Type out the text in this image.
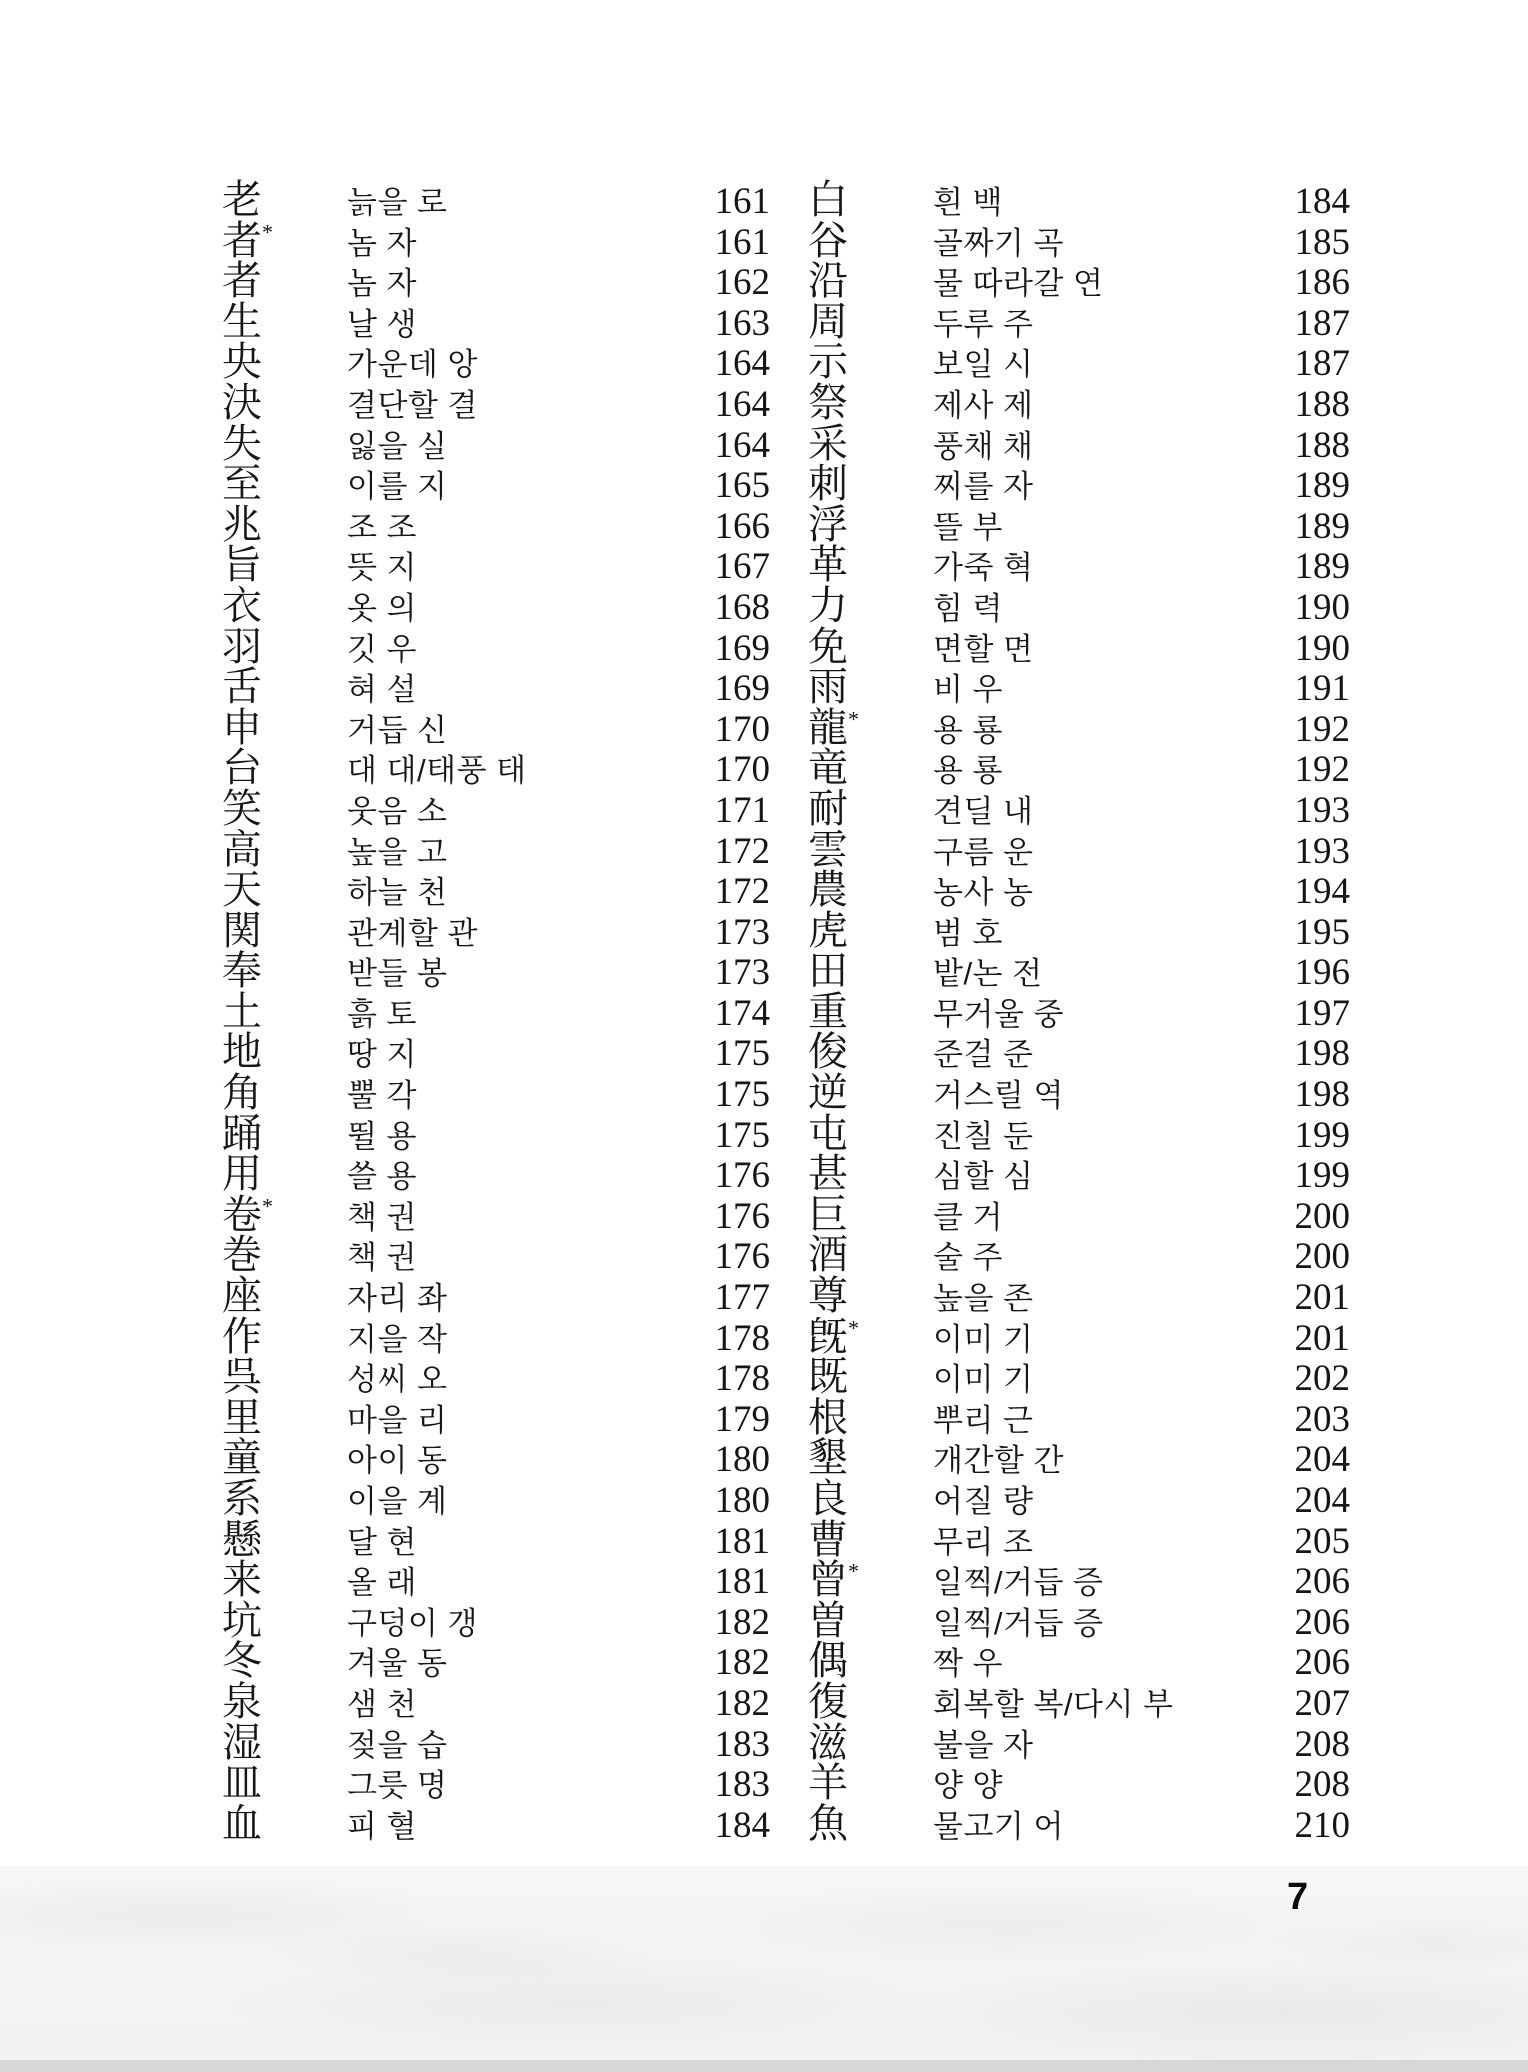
老	늙을 로	161
者*	놈 자	161
者	놈 자	162
生	날 생	163
央	가운데 앙	164
決	결단할 결	164
失	잃을 실	164
至	이를 지	165
兆	조 조	166
旨	뜻 지	167
衣	옷 의	168
羽	깃 우	169
舌	혀 설	169
申	거듭 신	170
台	대 대/태풍 태	170
笑	웃음 소	171
高	높을 고	172
天	하늘 천	172
関	관계할 관	173
奉	받들 봉	173
土	흙 토	174
地	땅 지	175
角	뿔 각	175
踊	뛸 용	175
用	쓸 용	176
卷*	책 권	176
巻	책 권	176
座	자리 좌	177
作	지을 작	178
呉	성씨 오	178
里	마을 리	179
童	아이 동	180
系	이을 계	180
懸	달 현	181
来	올 래	181
坑	구덩이 갱	182
冬	겨울 동	182
泉	샘 천	182
湿	젖을 습	183
皿	그릇 명	183
血	피 혈	184
白	흰 백	184
谷	골짜기 곡	185
沿	물 따라갈 연	186
周	두루 주	187
示	보일 시	187
祭	제사 제	188
采	풍채 채	188
刺	찌를 자	189
浮	뜰 부	189
革	가죽 혁	189
力	힘 력	190
免	면할 면	190
雨	비 우	191
龍*	용 룡	192
竜	용 룡	192
耐	견딜 내	193
雲	구름 운	193
農	농사 농	194
虎	범 호	195
田	밭/논 전	196
重	무거울 중	197
俊	준걸 준	198
逆	거스릴 역	198
屯	진칠 둔	199
甚	심할 심	199
巨	클 거	200
酒	술 주	200
尊	높을 존	201
旣*	이미 기	201
既	이미 기	202
根	뿌리 근	203
墾	개간할 간	204
良	어질 량	204
曹	무리 조	205
曾*	일찍/거듭 증	206
曽	일찍/거듭 증	206
偶	짝 우	206
復	회복할 복/다시 부	207
滋	불을 자	208
羊	양 양	208
魚	물고기 어	210
7
